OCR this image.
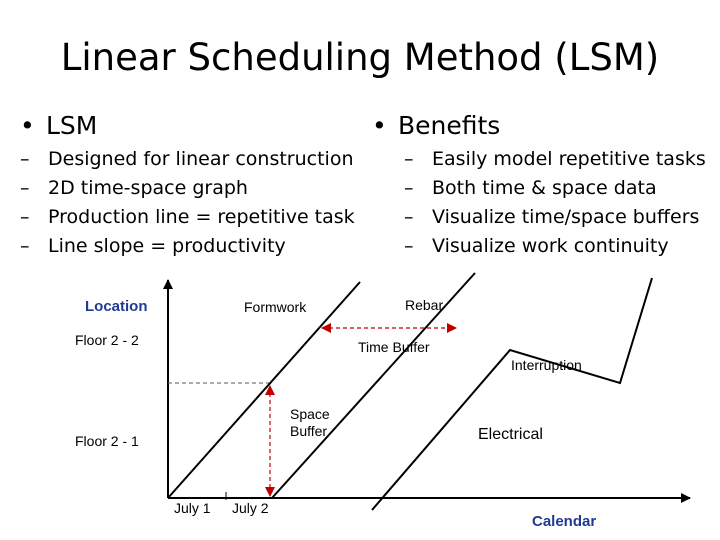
Linear Scheduling Method (LSM)
• LSM
– Designed for linear construction
– 2D time-space graph
– Production line = repetitive task
– Line slope = productivity
• Benefits
– Easily model repetitive tasks
– Both time & space data
– Visualize time/space buffers
– Visualize work continuity
Location
Floor 2 - 2
Floor 2 - 1
July 1 July 2
Calendar
Formwork	Rebar
Electrical
Time Buffer
Space Buffer
Interruption
